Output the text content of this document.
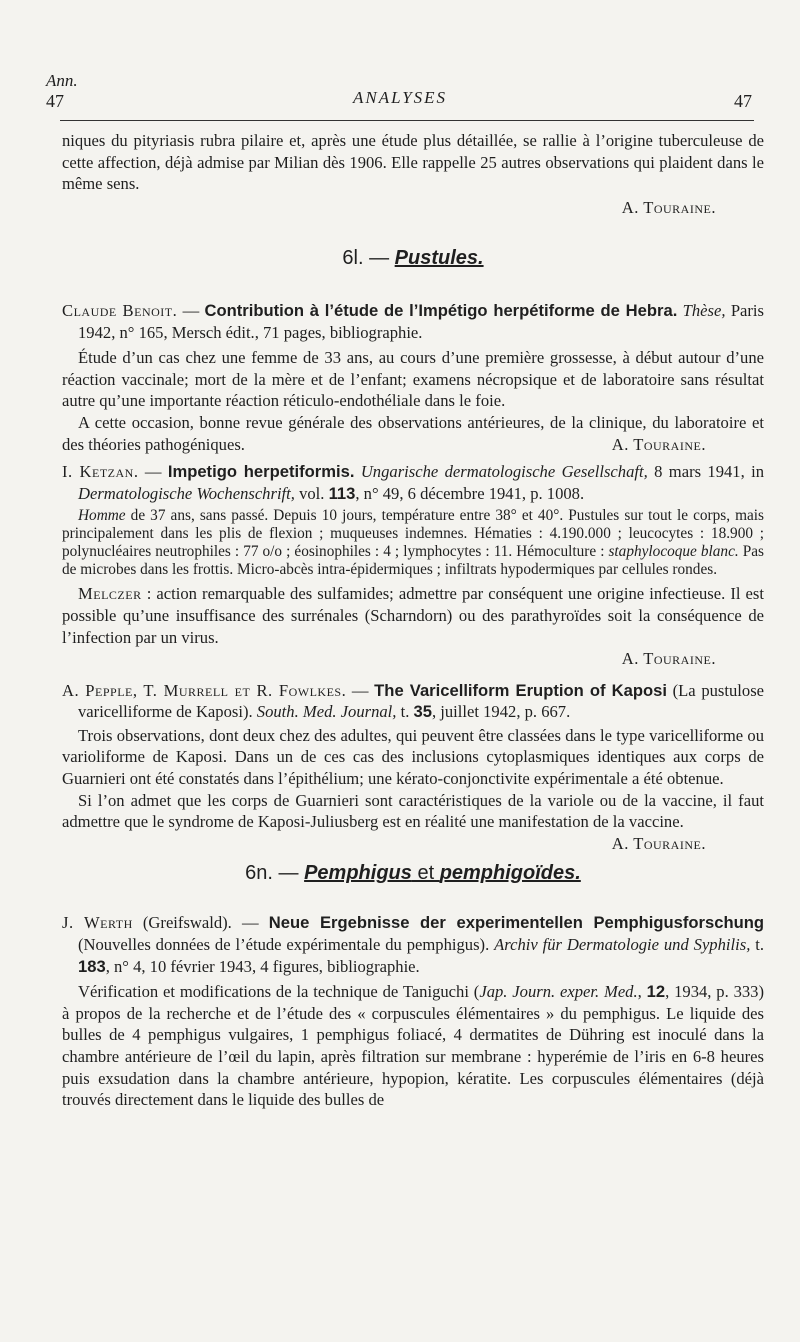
Ann.
47	ANALYSES	47

niques du pityriasis rubra pilaire et, après une étude plus détaillée, se rallie à l’origine tuberculeuse de cette affection, déjà admise par Milian dès 1906. Elle rappelle 25 autres observations qui plaident dans le même sens.

A. Touraine.

6l. — Pustules.

Claude Benoit. — Contribution à l’étude de l’Impétigo herpétiforme de Hebra. Thèse, Paris 1942, n° 165, Mersch édit., 71 pages, bibliographie.

Étude d’un cas chez une femme de 33 ans, au cours d’une première grossesse, à début autour d’une réaction vaccinale; mort de la mère et de l’enfant; examens nécropsique et de laboratoire sans résultat autre qu’une importante réaction réticulo-endothéliale dans le foie.

A cette occasion, bonne revue générale des observations antérieures, de la clinique, du laboratoire et des théories pathogéniques.	A. Touraine.

I. Ketzan. — Impetigo herpetiformis. Ungarische dermatologische Gesellschaft, 8 mars 1941, in Dermatologische Wochenschrift, vol. 113, n° 49, 6 décembre 1941, p. 1008.

Homme de 37 ans, sans passé. Depuis 10 jours, température entre 38° et 40°. Pustules sur tout le corps, mais principalement dans les plis de flexion ; muqueuses indemnes. Hématies : 4.190.000 ; leucocytes : 18.900 ; polynucléaires neutrophiles : 77 o/o ; éosinophiles : 4 ; lymphocytes : 11. Hémoculture : staphylocoque blanc. Pas de microbes dans les frottis. Micro-abcès intra-épidermiques ; infiltrats hypodermiques par cellules rondes.

Melczer : action remarquable des sulfamides; admettre par conséquent une origine infectieuse. Il est possible qu’une insuffisance des surrénales (Scharndorn) ou des parathyroïdes soit la conséquence de l’infection par un virus.

A. Touraine.

A. Pepple, T. Murrell et R. Fowlkes. — The Varicelliform Eruption of Kaposi (La pustulose varicelliforme de Kaposi). South. Med. Journal, t. 35, juillet 1942, p. 667.

Trois observations, dont deux chez des adultes, qui peuvent être classées dans le type varicelliforme ou varioliforme de Kaposi. Dans un de ces cas des inclusions cytoplasmiques identiques aux corps de Guarnieri ont été constatés dans l’épithélium; une kérato-conjonctivite expérimentale a été obtenue.

Si l’on admet que les corps de Guarnieri sont caractéristiques de la variole ou de la vaccine, il faut admettre que le syndrome de Kaposi-Juliusberg est en réalité une manifestation de la vaccine.
A. Touraine.

6n. — Pemphigus et pemphigoïdes.

J. Werth (Greifswald). — Neue Ergebnisse der experimentellen Pemphigusforschung (Nouvelles données de l’étude expérimentale du pemphigus). Archiv für Dermatologie und Syphilis, t. 183, n° 4, 10 février 1943, 4 figures, bibliographie.

Vérification et modifications de la technique de Taniguchi (Jap. Journ. exper. Med., 12, 1934, p. 333) à propos de la recherche et de l’étude des « corpuscules élémentaires » du pemphigus. Le liquide des bulles de 4 pemphigus vulgaires, 1 pemphigus foliacé, 4 dermatites de Dühring est inoculé dans la chambre antérieure de l’œil du lapin, après filtration sur membrane : hyperémie de l’iris en 6-8 heures puis exsudation dans la chambre antérieure, hypopion, kératite. Les corpuscules élémentaires (déjà trouvés directement dans le liquide des bulles de
